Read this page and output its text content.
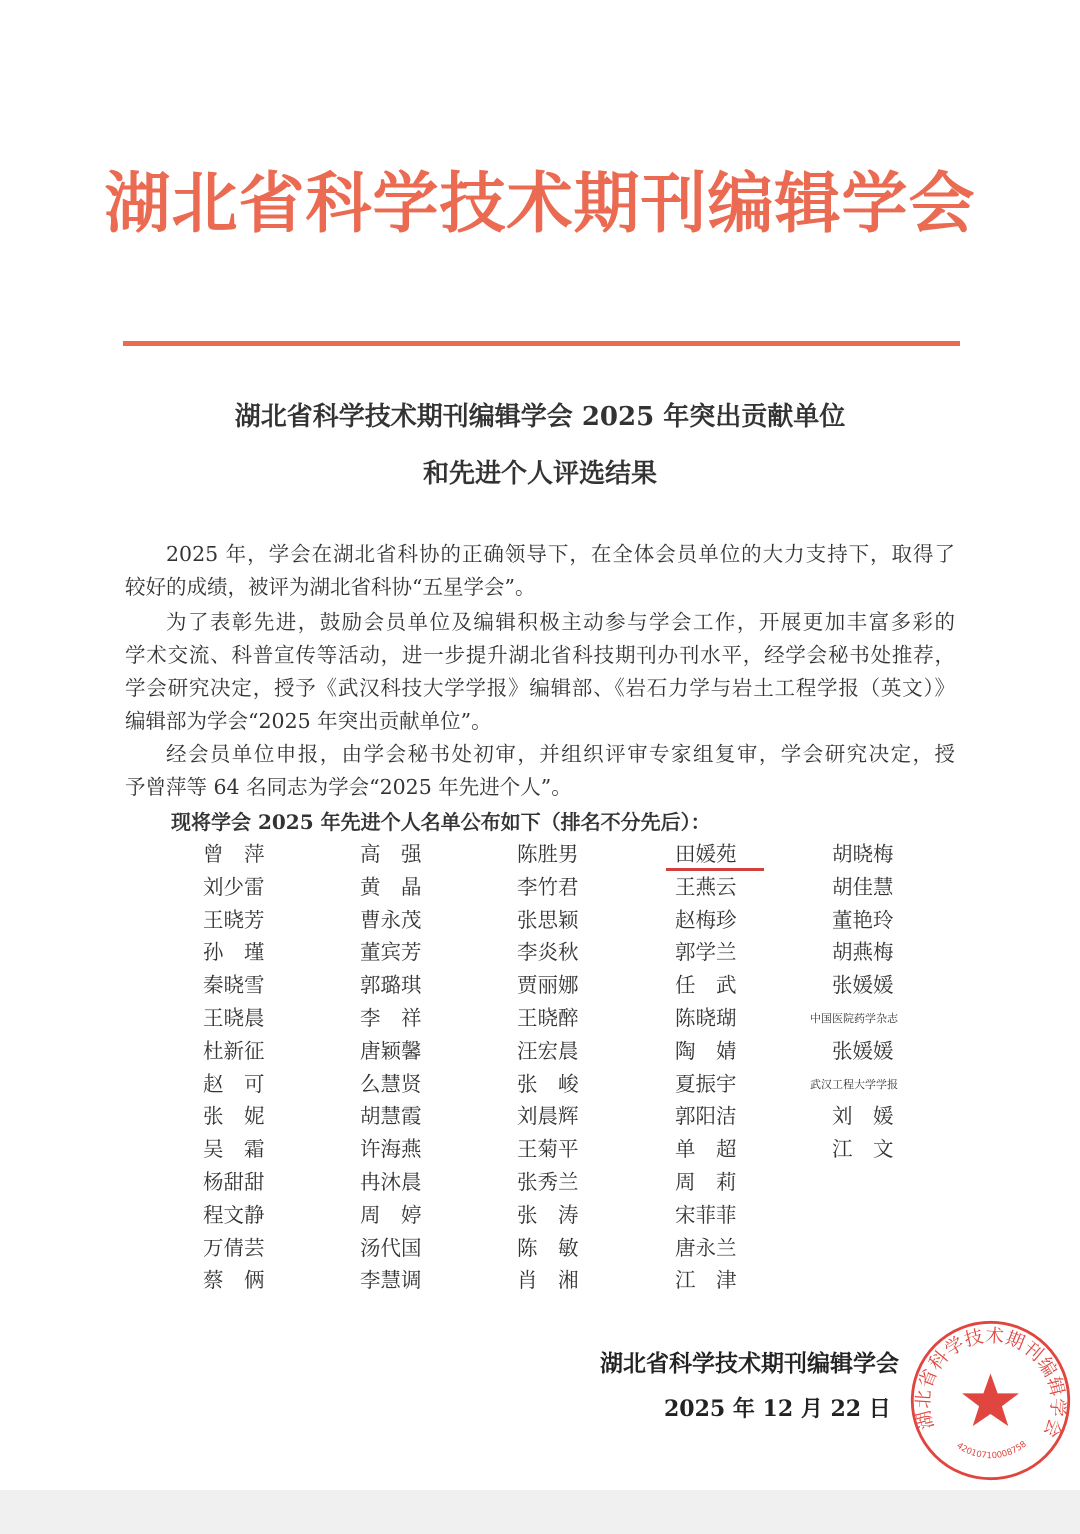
湖北省科学技术期刊编辑学会
湖北省科学技术期刊编辑学会 2025 年突出贡献单位
和先进个人评选结果
2025 年，学会在湖北省科协的正确领导下，在全体会员单位的大力支持下，取得了
较好的成绩，被评为湖北省科协“五星学会”。
为了表彰先进，鼓励会员单位及编辑积极主动参与学会工作，开展更加丰富多彩的
学术交流、科普宣传等活动，进一步提升湖北省科技期刊办刊水平，经学会秘书处推荐，
学会研究决定，授予《武汉科技大学学报》编辑部、《岩石力学与岩土工程学报（英文）》
编辑部为学会“2025 年突出贡献单位”。
经会员单位申报，由学会秘书处初审，并组织评审专家组复审，学会研究决定，授
予曾萍等 64 名同志为学会“2025 年先进个人”。
现将学会 2025 年先进个人名单公布如下（排名不分先后）：
曾　萍
刘少雷
王晓芳
孙　瑾
秦晓雪
王晓晨
杜新征
赵　可
张　妮
吴　霜
杨甜甜
程文静
万倩芸
蔡　俩
高　强
黄　晶
曹永茂
董宾芳
郭璐琪
李　祥
唐颖馨
么慧贤
胡慧霞
许海燕
冉沐晨
周　婷
汤代国
李慧调
陈胜男
李竹君
张思颖
李炎秋
贾丽娜
王晓醉
汪宏晨
张　峻
刘晨辉
王菊平
张秀兰
张　涛
陈　敏
肖　湘
田媛苑
王燕云
赵梅珍
郭学兰
任　武
陈晓瑚
陶　婧
夏振宇
郭阳洁
单　超
周　莉
宋菲菲
唐永兰
江　津
胡晓梅
胡佳慧
董艳玲
胡燕梅
张媛媛
中国医院药学杂志
张媛媛
武汉工程大学学报
刘　媛
江　文
湖北省科学技术期刊编辑学会
2025 年 12 月 22 日 湖北省科学技术期刊编辑学会
42010710008758
